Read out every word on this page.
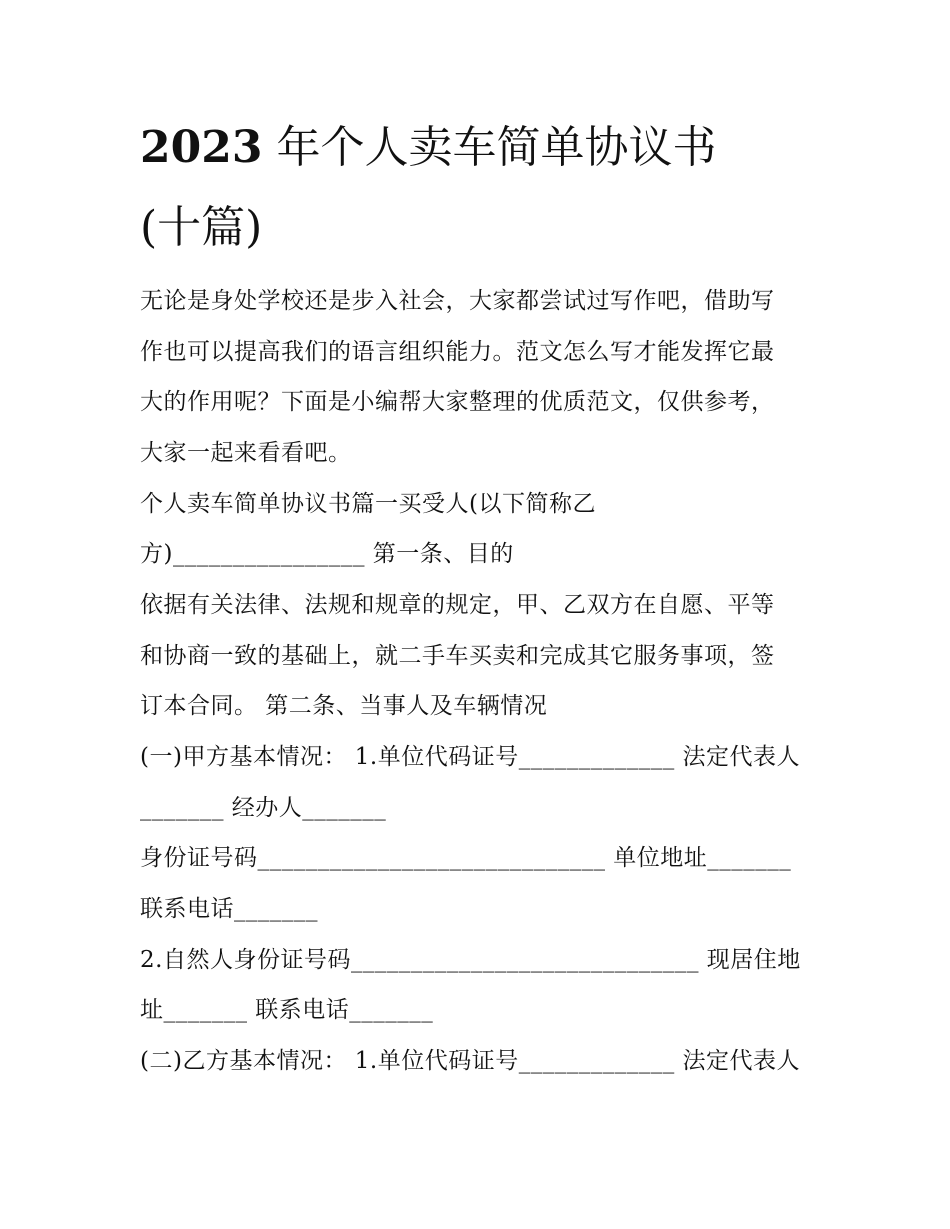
2023 年个人卖车简单协议书
(十篇)
无论是身处学校还是步入社会，大家都尝试过写作吧，借助写
作也可以提高我们的语言组织能力。范文怎么写才能发挥它最
大的作用呢？下面是小编帮大家整理的优质范文，仅供参考，
大家一起来看看吧。
个人卖车简单协议书篇一买受人(以下简称乙
方)________________ 第一条、目的
依据有关法律、法规和规章的规定，甲、乙双方在自愿、平等
和协商一致的基础上，就二手车买卖和完成其它服务事项，签
订本合同。 第二条、当事人及车辆情况
(一)甲方基本情况： 1.单位代码证号_____________ 法定代表人
_______ 经办人_______
身份证号码_____________________________ 单位地址_______
联系电话_______
2.自然人身份证号码_____________________________ 现居住地
址_______ 联系电话_______
(二)乙方基本情况： 1.单位代码证号_____________ 法定代表人
